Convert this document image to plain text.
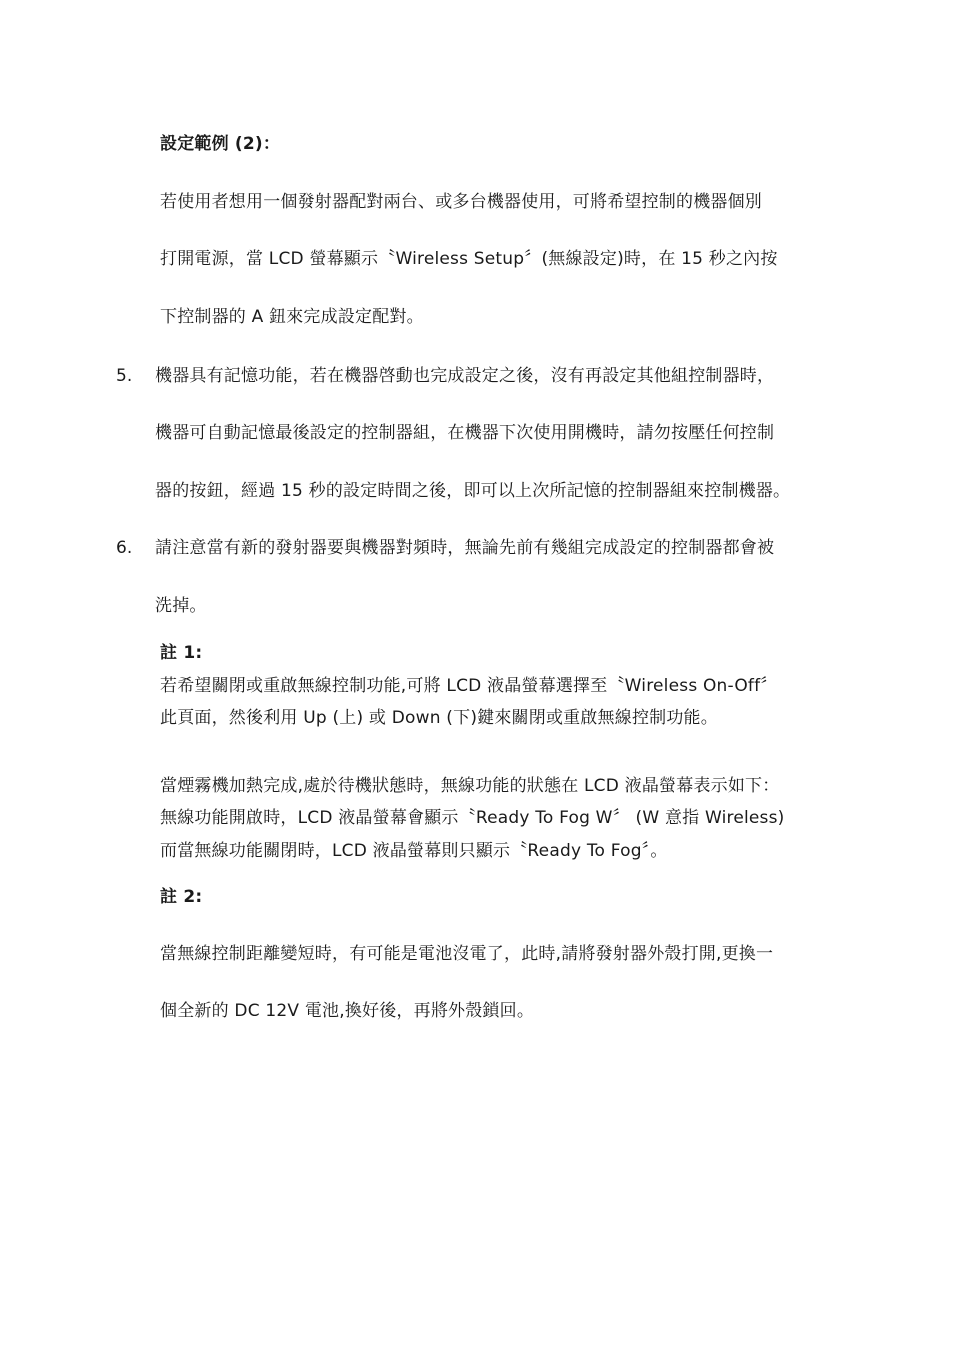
設定範例 (2)：
若使用者想用一個發射器配對兩台、或多台機器使用，可將希望控制的機器個別
打開電源，當 LCD 螢幕顯示〝Wireless Setup〞(無線設定)時，在 15 秒之內按
下控制器的 A 鈕來完成設定配對。
5. 機器具有記憶功能，若在機器啓動也完成設定之後，沒有再設定其他組控制器時，
機器可自動記憶最後設定的控制器組，在機器下次使用開機時，請勿按壓任何控制
器的按鈕，經過 15 秒的設定時間之後，即可以上次所記憶的控制器組來控制機器。
6. 請注意當有新的發射器要與機器對頻時，無論先前有幾組完成設定的控制器都會被
洗掉。
註 1:
若希望關閉或重啟無線控制功能,可將 LCD 液晶螢幕選擇至〝Wireless On-Off〞
此頁面，然後利用 Up (上) 或 Down (下)鍵來關閉或重啟無線控制功能。
當煙霧機加熱完成,處於待機狀態時，無線功能的狀態在 LCD 液晶螢幕表示如下：
無線功能開啟時，LCD 液晶螢幕會顯示〝Ready To Fog W〞 (W 意指 Wireless)
而當無線功能關閉時，LCD 液晶螢幕則只顯示〝Ready To Fog〞。
註 2:
當無線控制距離變短時，有可能是電池沒電了，此時,請將發射器外殼打開,更換一
個全新的 DC 12V 電池,換好後，再將外殼鎖回。
